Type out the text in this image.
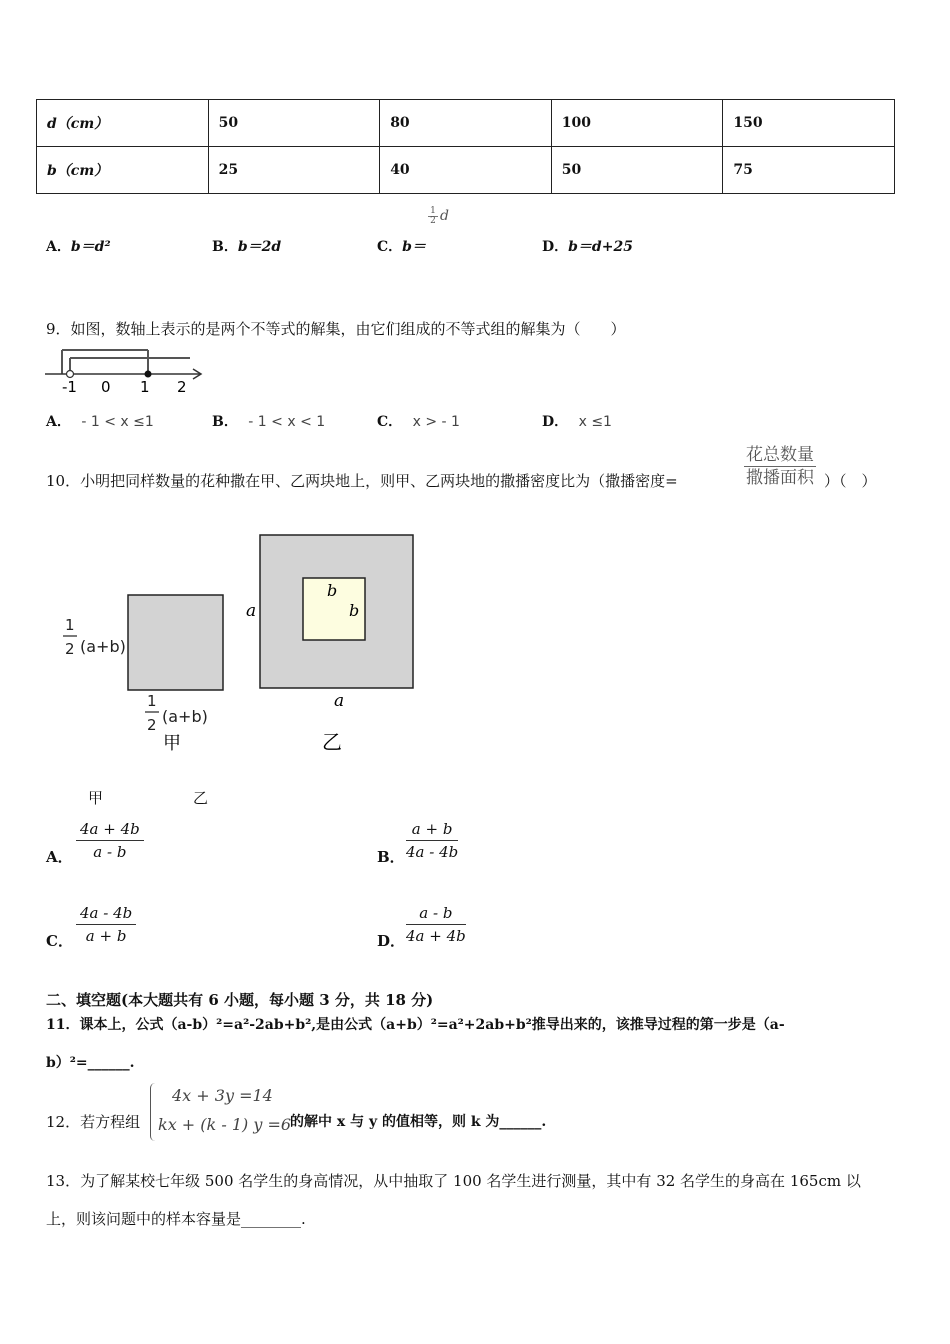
d（cm）	50	80	100	150
b（cm）	25	40	50	75
A．b＝d²	B．b＝2d	C．b＝
$\frac{1}{2}$ d
D．b＝d+25
9．如图，数轴上表示的是两个不等式的解集，由它们组成的不等式组的解集为（　　）
-1 0 1 2
A． - 1 < x ≤1	B． - 1 < x < 1	C． x > - 1	D． x ≤1
10．小明把同样数量的花种撒在甲、乙两块地上，则甲、乙两块地的撒播密度比为（撒播密度=
花总数量
撒播面积 ）（　）
1
2 (a+b)
1
2 (a+b)
甲
a
a
b
b
乙
甲	乙
A． $\frac{4a + 4b}{a - b}$	B． $\frac{a + b}{4a - 4b}$
C． $\frac{4a - 4b}{a + b}$	D． $\frac{a - b}{4a + 4b}$
二、填空题(本大题共有 6 小题，每小题 3 分，共 18 分)
11．课本上，公式（a-b）²=a²-2ab+b²,是由公式（a+b）²=a²+2ab+b²推导出来的，该推导过程的第一步是（a-
b）²=______.
12．若方程组
4x + 3y =14
kx + (k - 1) y =6
的解中 x 与 y 的值相等，则 k 为______.
13．为了解某校七年级 500 名学生的身高情况，从中抽取了 100 名学生进行测量，其中有 32 名学生的身高在 165cm 以
上，则该问题中的样本容量是________.
